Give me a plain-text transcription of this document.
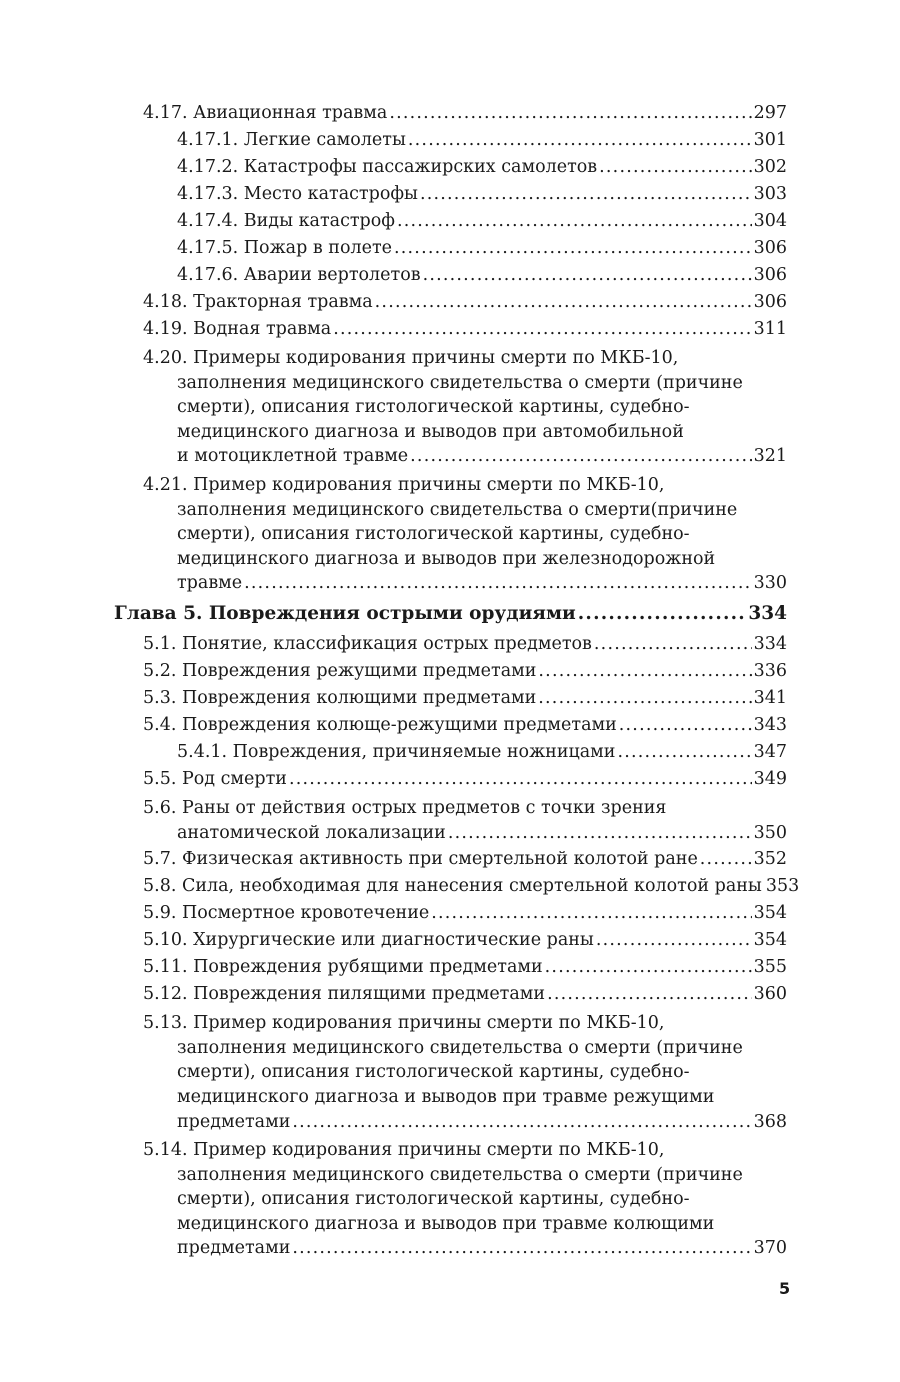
4.17. Авиационная травма .....	297
4.17.1. Легкие самолеты .....	301
4.17.2. Катастрофы пассажирских самолетов .....	302
4.17.3. Место катастрофы .....	303
4.17.4. Виды катастроф .....	304
4.17.5. Пожар в полете .....	306
4.17.6. Аварии вертолетов .....	306
4.18. Тракторная травма .....	306
4.19. Водная травма .....	311
4.20. Примеры кодирования причины смерти по МКБ-10,
заполнения медицинского свидетельства о смерти (причине
смерти), описания гистологической картины, судебно-
медицинского диагноза и выводов при автомобильной
и мотоциклетной травме .....	321
4.21. Пример кодирования причины смерти по МКБ-10,
заполнения медицинского свидетельства о смерти(причине
смерти), описания гистологической картины, судебно-
медицинского диагноза и выводов при железнодорожной
травме .....	330
Глава 5. Повреждения острыми орудиями .....	334
5.1. Понятие, классификация острых предметов .....	334
5.2. Повреждения режущими предметами .....	336
5.3. Повреждения колющими предметами .....	341
5.4. Повреждения колюще-режущими предметами .....	343
5.4.1. Повреждения, причиняемые ножницами .....	347
5.5. Род смерти .....	349
5.6. Раны от действия острых предметов с точки зрения
анатомической локализации .....	350
5.7. Физическая активность при смертельной колотой ране .....	352
5.8. Сила, необходимая для нанесения смертельной колотой раны 353
5.9. Посмертное кровотечение .....	354
5.10. Хирургические или диагностические раны .....	354
5.11. Повреждения рубящими предметами .....	355
5.12. Повреждения пилящими предметами .....	360
5.13. Пример кодирования причины смерти по МКБ-10,
заполнения медицинского свидетельства о смерти (причине
смерти), описания гистологической картины, судебно-
медицинского диагноза и выводов при травме режущими
предметами .....	368
5.14. Пример кодирования причины смерти по МКБ-10,
заполнения медицинского свидетельства о смерти (причине
смерти), описания гистологической картины, судебно-
медицинского диагноза и выводов при травме колющими
предметами .....	370
5
